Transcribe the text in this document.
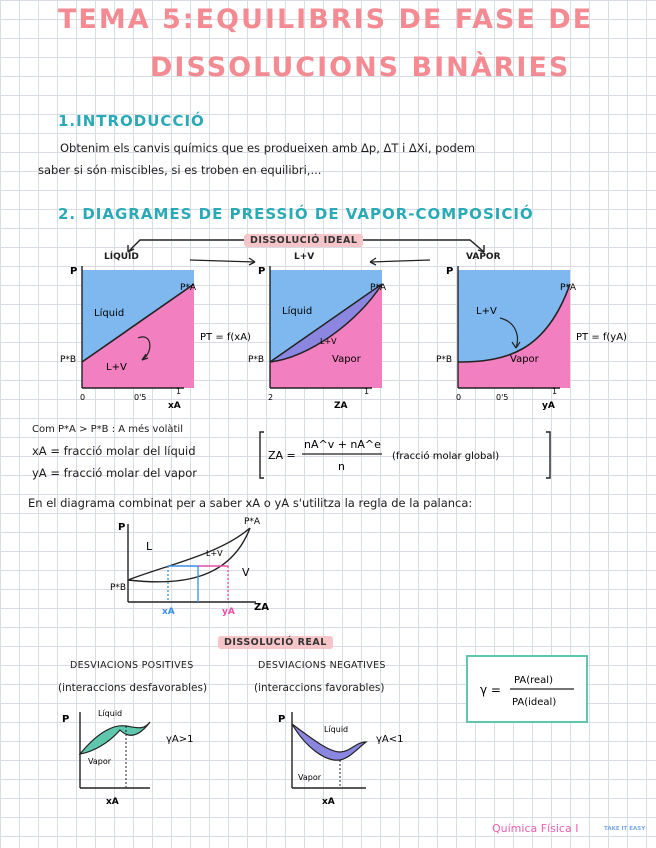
TEMA 5:EQUILIBRIS DE FASE DE
DISSOLUCIONS BINÀRIES
1.INTRODUCCIÓ
Obtenim els canvis químics que es produeixen amb Δp, ΔT i ΔXi, podem
saber si són miscibles, si es troben en equilibri,...
2. DIAGRAMES DE PRESSIÓ DE VAPOR-COMPOSICIÓ
DISSOLUCIÓ IDEAL
LÍQUID	L+V	VAPOR
P
P*A
P*B
Líquid
L+V
PT = f(xA)
0	0'5
1
xA
P
P*A
P*B
Líquid
L+V
Vapor
2
1
ZA
P
P*A
P*B
L+V
Vapor
PT = f(yA)
0	0'5
1
yA
Com P*A > P*B : A més volàtil
xA = fracció molar del líquid
yA = fracció molar del vapor
ZA =
nA^v + nA^e
n
(fracció molar global)
En el diagrama combinat per a saber xA o yA s'utilitza la regla de la palanca:
P	P*A
P*B
L
L+V
V
xA	yA ZA
DISSOLUCIÓ REAL
DESVIACIONS POSITIVES
(interaccions desfavorables)
DESVIACIONS NEGATIVES
(interaccions favorables)
P
Líquid
Vapor
γA>1
xA
P
Líquid
Vapor
γA<1
xA
γ =
PA(real)
PA(ideal)
Química Física I	TAKE IT EASY
